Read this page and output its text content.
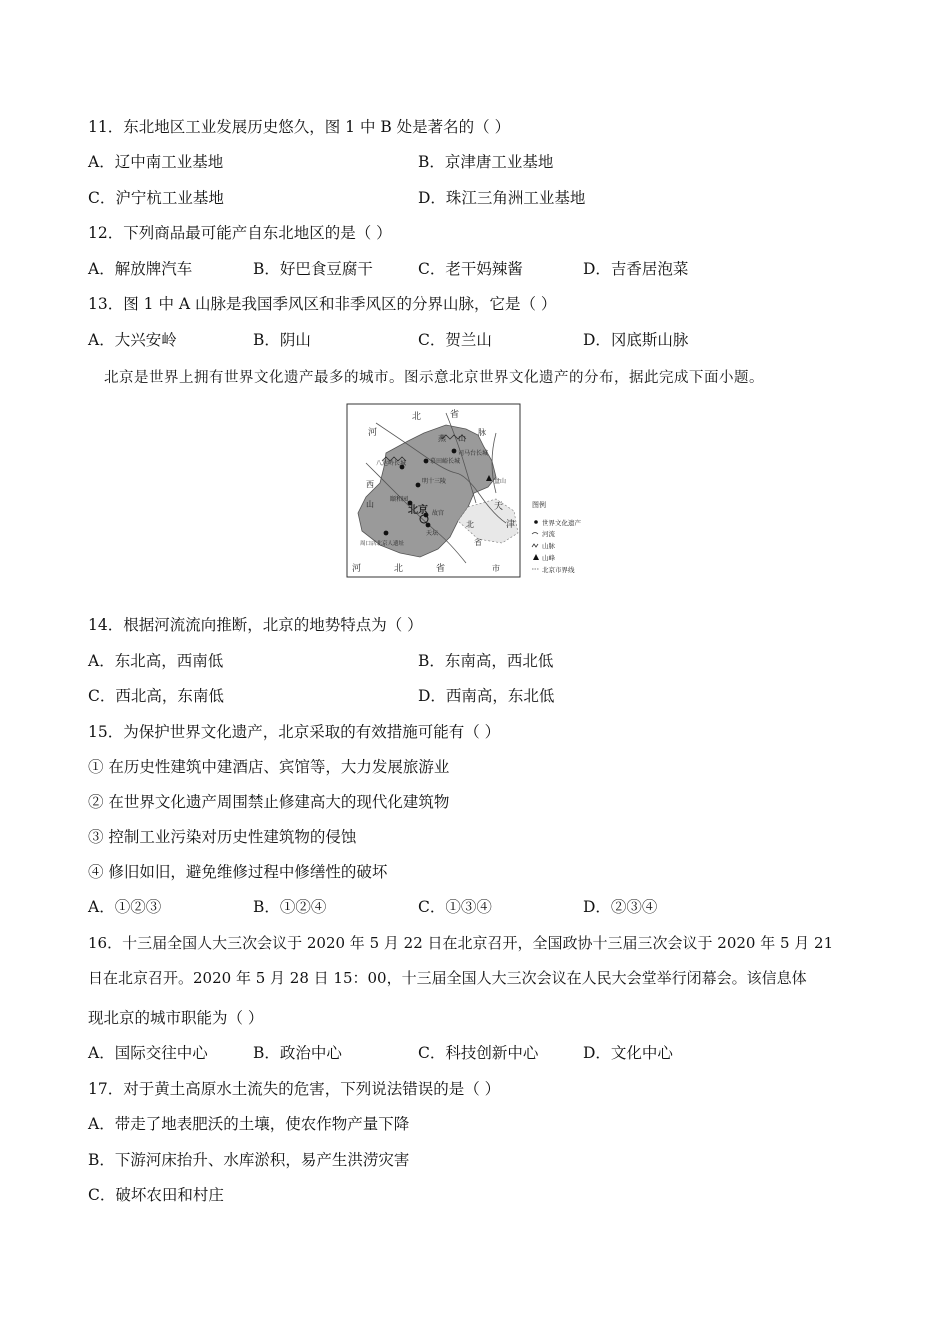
11．东北地区工业发展历史悠久，图 1 中 B 处是著名的（ ）
A．辽中南工业基地	B．京津唐工业基地
C．沪宁杭工业基地	D．珠江三角洲工业基地
12．下列商品最可能产自东北地区的是（ ）
A．解放牌汽车	B．好巴食豆腐干	C．老干妈辣酱	D．吉香居泡菜
13．图 1 中 A 山脉是我国季风区和非季风区的分界山脉，它是（ ）
A．大兴安岭	B．阴山	C．贺兰山	D．冈底斯山脉
北京是世界上拥有世界文化遗产最多的城市。图示意北京世界文化遗产的分布，据此完成下面小题。
河
北	省
燕 山
脉
八达岭长城	慕田峪长城
司马台长城
盘山
明十三陵
颐和园
故宫
天坛
北京
周口店北京人遗址
西
山	天
津
北
省
市
河	北	省
图例
世界文化遗产
河流
山脉
山峰
北京市界线
14．根据河流流向推断，北京的地势特点为（ ）
A．东北高，西南低	B．东南高，西北低
C．西北高，东南低	D．西南高，东北低
15．为保护世界文化遗产，北京采取的有效措施可能有（ ）
① 在历史性建筑中建酒店、宾馆等，大力发展旅游业
② 在世界文化遗产周围禁止修建高大的现代化建筑物
③ 控制工业污染对历史性建筑物的侵蚀
④ 修旧如旧，避免维修过程中修缮性的破坏
A．①②③	B．①②④	C．①③④	D．②③④
16．十三届全国人大三次会议于 2020 年 5 月 22 日在北京召开，全国政协十三届三次会议于 2020 年 5 月 21
日在北京召开。2020 年 5 月 28 日 15：00，十三届全国人大三次会议在人民大会堂举行闭幕会。该信息体
现北京的城市职能为（ ）
A．国际交往中心	B．政治中心	C．科技创新中心	D．文化中心
17．对于黄土高原水土流失的危害，下列说法错误的是（ ）
A．带走了地表肥沃的土壤，使农作物产量下降
B．下游河床抬升、水库淤积，易产生洪涝灾害
C．破坏农田和村庄
